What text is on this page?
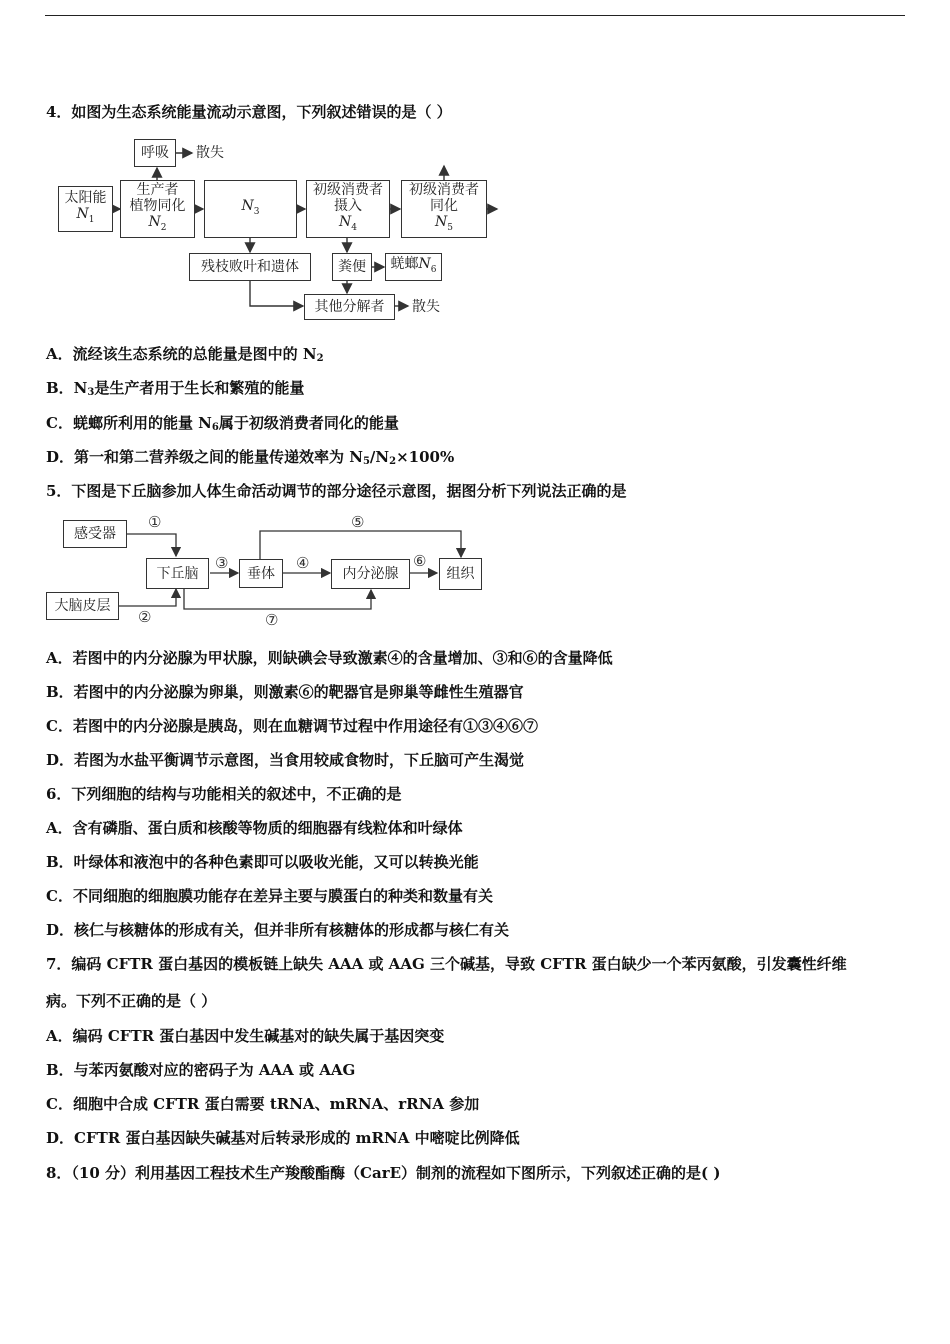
4．如图为生态系统能量流动示意图，下列叙述错误的是（ ）
呼吸 散失
太阳能
$N_1$
生产者
植物同化
$N_2$
$N_3$
初级消费者
摄入
$N_4$
初级消费者
同化
$N_5$
残枝败叶和遗体	粪便 蜣螂$N_6$
其他分解者 散失
A．流经该生态系统的总能量是图中的 $N_2$
B．$N_3$是生产者用于生长和繁殖的能量
C．蜣螂所利用的能量 $N_6$属于初级消费者同化的能量
D．第一和第二营养级之间的能量传递效率为 $N_5/N_2\times 100\%$
5．下图是下丘脑参加人体生命活动调节的部分途径示意图，据图分析下列说法正确的是
感受器
大脑皮层
下丘脑	垂体	内分泌腺	组织
①
②
③	④
⑤
⑥
⑦
A．若图中的内分泌腺为甲状腺，则缺碘会导致激素④的含量增加、③和⑥的含量降低
B．若图中的内分泌腺为卵巢，则激素⑥的靶器官是卵巢等雌性生殖器官
C．若图中的内分泌腺是胰岛，则在血糖调节过程中作用途径有①③④⑥⑦
D．若图为水盐平衡调节示意图，当食用较咸食物时，下丘脑可产生渴觉
6．下列细胞的结构与功能相关的叙述中，不正确的是
A．含有磷脂、蛋白质和核酸等物质的细胞器有线粒体和叶绿体
B．叶绿体和液泡中的各种色素即可以吸收光能，又可以转换光能
C．不同细胞的细胞膜功能存在差异主要与膜蛋白的种类和数量有关
D．核仁与核糖体的形成有关，但并非所有核糖体的形成都与核仁有关
7．编码 CFTR 蛋白基因的模板链上缺失 AAA 或 AAG 三个碱基，导致 CFTR 蛋白缺少一个苯丙氨酸，引发囊性纤维
病。下列不正确的是（ ）
A．编码 CFTR 蛋白基因中发生碱基对的缺失属于基因突变
B．与苯丙氨酸对应的密码子为 AAA 或 AAG
C．细胞中合成 CFTR 蛋白需要 tRNA、mRNA、rRNA 参加
D．CFTR 蛋白基因缺失碱基对后转录形成的 mRNA 中嘧啶比例降低
8．（10 分）利用基因工程技术生产羧酸酯酶（CarE）制剂的流程如下图所示，下列叙述正确的是( )
